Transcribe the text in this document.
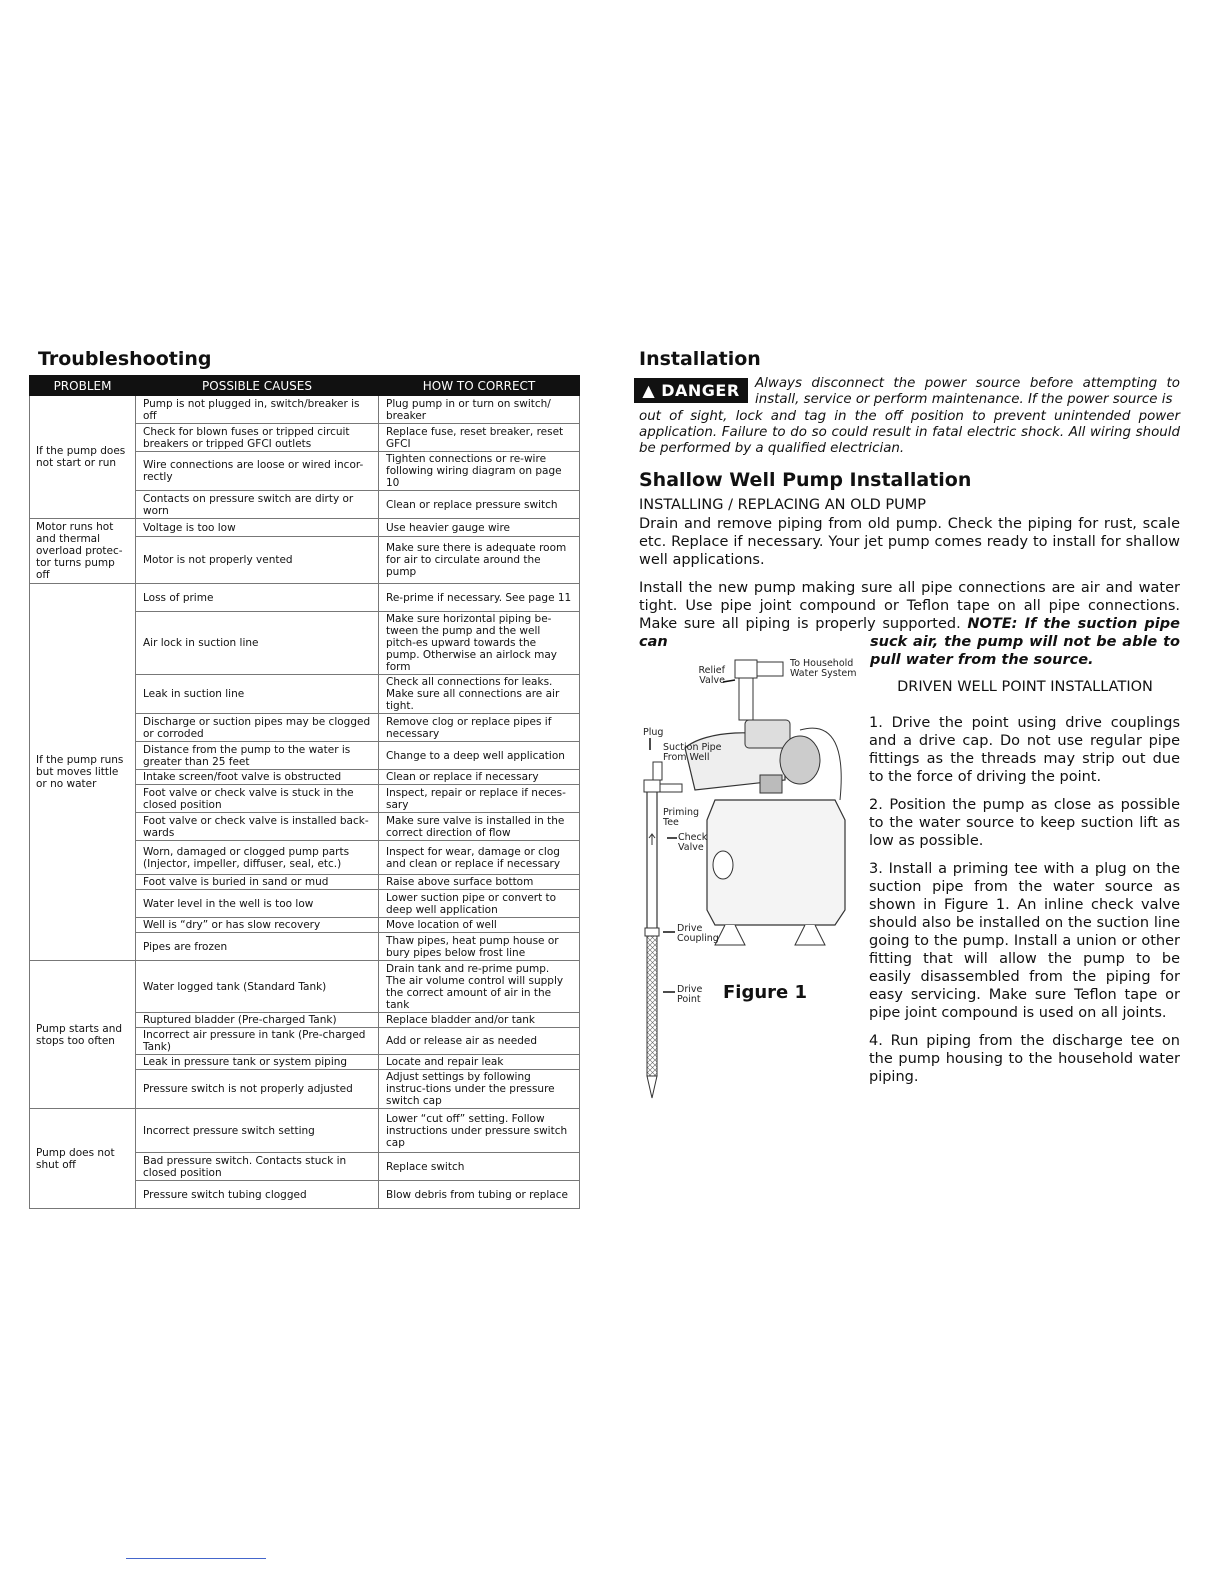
Troubleshooting
PROBLEM	POSSIBLE CAUSES	HOW TO CORRECT
If the pump does not start or run	Pump is not plugged in, switch/breaker is off	Plug pump in or turn on switch/ breaker
	Check for blown fuses or tripped circuit breakers or tripped GFCI outlets	Replace fuse, reset breaker, reset GFCI
	Wire connections are loose or wired incor-rectly	Tighten connections or re-wire following wiring diagram on page 10
	Contacts on pressure switch are dirty or worn	Clean or replace pressure switch
Motor runs hot and thermal overload protec-tor turns pump off	Voltage is too low	Use heavier gauge wire
	Motor is not properly vented	Make sure there is adequate room for air to circulate around the pump
If the pump runs but moves little or no water	Loss of prime	Re-prime if necessary. See page 11
	Air lock in suction line	Make sure horizontal piping be-tween the pump and the well pitch-es upward towards the pump. Otherwise an airlock may form
	Leak in suction line	Check all connections for leaks. Make sure all connections are air tight.
	Discharge or suction pipes may be clogged or corroded	Remove clog or replace pipes if necessary
	Distance from the pump to the water is greater than 25 feet	Change to a deep well application
	Intake screen/foot valve is obstructed	Clean or replace if necessary
	Foot valve or check valve is stuck in the closed position	Inspect, repair or replace if neces-sary
	Foot valve or check valve is installed back-wards	Make sure valve is installed in the correct direction of flow
	Worn, damaged or clogged pump parts (Injector, impeller, diffuser, seal, etc.)	Inspect for wear, damage or clog and clean or replace if necessary
	Foot valve is buried in sand or mud	Raise above surface bottom
	Water level in the well is too low	Lower suction pipe or convert to deep well application
	Well is “dry” or has slow recovery	Move location of well
	Pipes are frozen	Thaw pipes, heat pump house or bury pipes below frost line
Pump starts and stops too often	Water logged tank (Standard Tank)	Drain tank and re-prime pump. The air volume control will supply the correct amount of air in the tank
	Ruptured bladder (Pre-charged Tank)	Replace bladder and/or tank
	Incorrect air pressure in tank (Pre-charged Tank)	Add or release air as needed
	Leak in pressure tank or system piping	Locate and repair leak
	Pressure switch is not properly adjusted	Adjust settings by following instruc-tions under the pressure switch cap
Pump does not shut off	Incorrect pressure switch setting	Lower “cut off” setting. Follow instructions under pressure switch cap
	Bad pressure switch. Contacts stuck in closed position	Replace switch
	Pressure switch tubing clogged	Blow debris from tubing or replace
Installation
▲ DANGER	Always disconnect the power source before attempting to install, service or perform maintenance. If the power source is
out of sight, lock and tag in the off position to prevent unintended power application. Failure to do so could result in fatal electric shock. All wiring should be performed by a qualified electrician.
Shallow Well Pump Installation

INSTALLING / REPLACING AN OLD PUMP

Drain and remove piping from old pump. Check the piping for rust, scale etc. Replace if necessary. Your jet pump comes ready to install for shallow well applications.

Install the new pump making sure all pipe connections are air and water tight. Use pipe joint compound or Teflon tape on all pipe connections. Make sure all piping is properly supported. NOTE: If the suction pipe can	suck air, the pump will not be able to pull water from the source.

DRIVEN WELL POINT INSTALLATION

1. Drive the point using drive couplings and a drive cap. Do not use regular pipe fittings as the threads may strip out due to the force of driving the point.

2. Position the pump as close as possible to the water source to keep suction lift as low as possible.

3. Install a priming tee with a plug on the suction pipe from the water source as shown in Figure 1. An inline check valve should also be installed on the suction line going to the pump. Install a union or other fitting that will allow the pump to be easily disassembled from the piping for easy servicing. Make sure Teflon tape or pipe joint compound is used on all joints.

4. Run piping from the discharge tee on the pump housing to the household water piping.

Relief Valve
To Household Water System
Plug
Suction Pipe From Well
Priming Tee
Check Valve
Drive Coupling
Drive Point	Figure 1
